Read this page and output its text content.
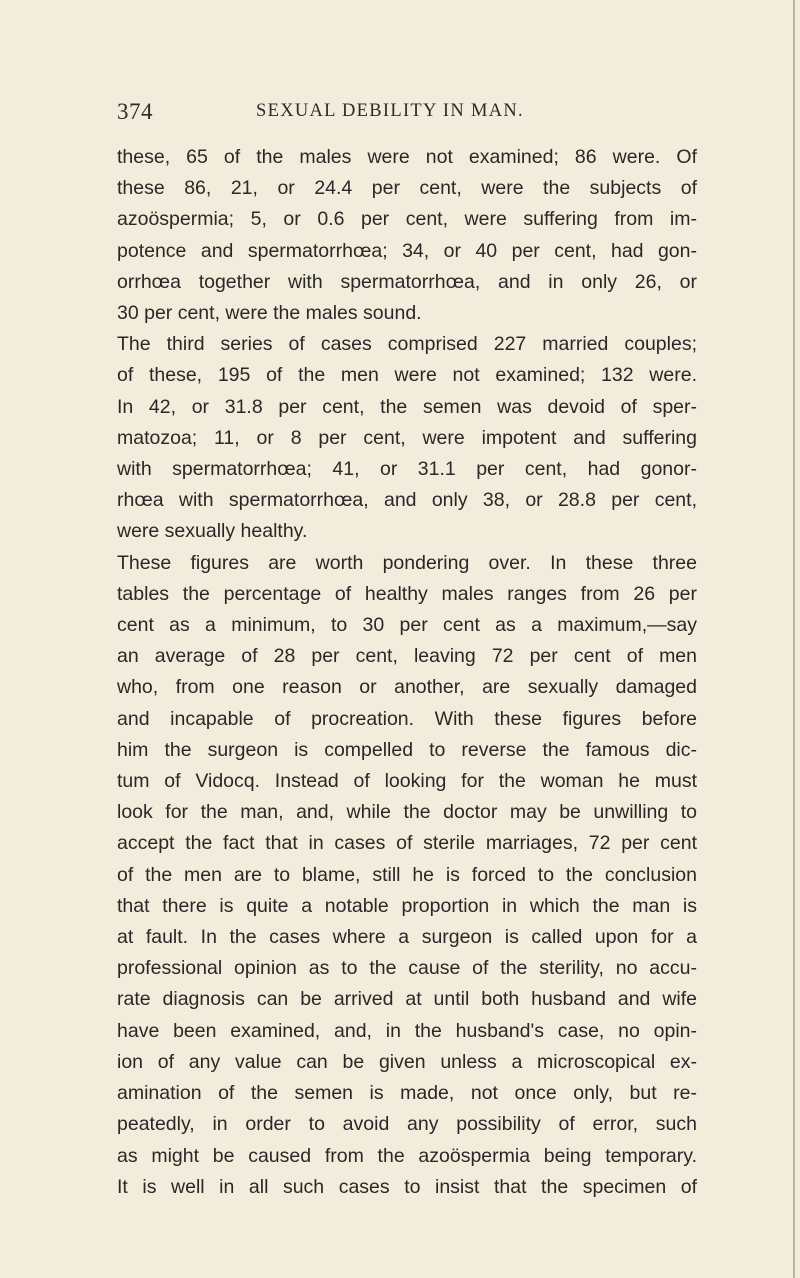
374	SEXUAL DEBILITY IN MAN.
these, 65 of the males were not examined; 86 were. Of
these 86, 21, or 24.4 per cent, were the subjects of
azoöspermia; 5, or 0.6 per cent, were suffering from im-
potence and spermatorrhœa; 34, or 40 per cent, had gon-
orrhœa together with spermatorrhœa, and in only 26, or
30 per cent, were the males sound.
The third series of cases comprised 227 married couples;
of these, 195 of the men were not examined; 132 were.
In 42, or 31.8 per cent, the semen was devoid of sper-
matozoa; 11, or 8 per cent, were impotent and suffering
with spermatorrhœa; 41, or 31.1 per cent, had gonor-
rhœa with spermatorrhœa, and only 38, or 28.8 per cent,
were sexually healthy.
These figures are worth pondering over. In these three
tables the percentage of healthy males ranges from 26 per
cent as a minimum, to 30 per cent as a maximum,—say
an average of 28 per cent, leaving 72 per cent of men
who, from one reason or another, are sexually damaged
and incapable of procreation. With these figures before
him the surgeon is compelled to reverse the famous dic-
tum of Vidocq. Instead of looking for the woman he must
look for the man, and, while the doctor may be unwilling to
accept the fact that in cases of sterile marriages, 72 per cent
of the men are to blame, still he is forced to the conclusion
that there is quite a notable proportion in which the man is
at fault. In the cases where a surgeon is called upon for a
professional opinion as to the cause of the sterility, no accu-
rate diagnosis can be arrived at until both husband and wife
have been examined, and, in the husband's case, no opin-
ion of any value can be given unless a microscopical ex-
amination of the semen is made, not once only, but re-
peatedly, in order to avoid any possibility of error, such
as might be caused from the azoöspermia being temporary.
It is well in all such cases to insist that the specimen of
